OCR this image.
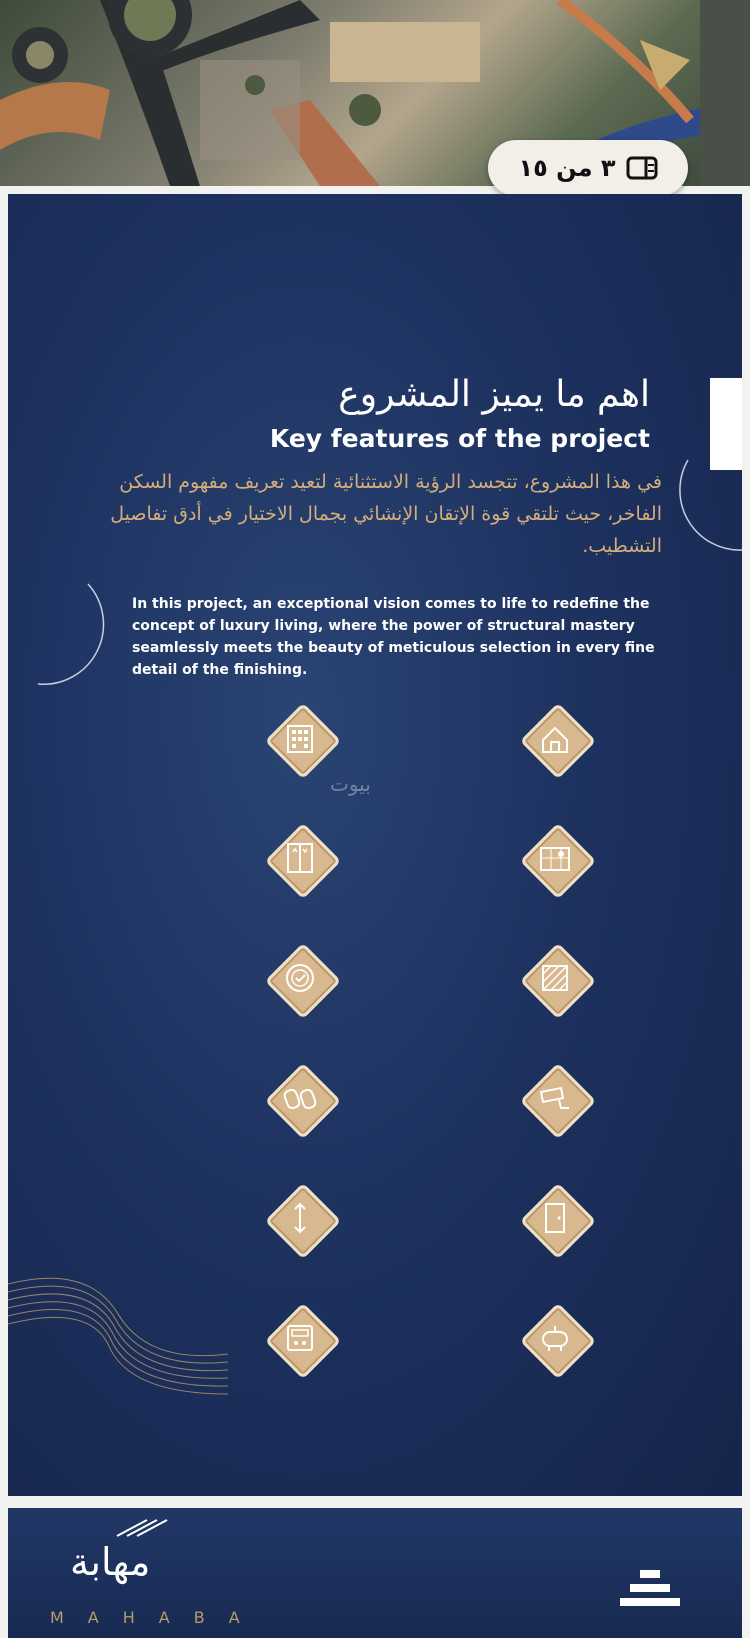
٣ من ١٥
اهم ما يميز المشروع
Key features of the project
في هذا المشروع، تتجسد الرؤية الاستثنائية لتعيد تعريف مفهوم السكن الفاخر، حيث تلتقي قوة الإتقان الإنشائي بجمال الاختيار في أدق تفاصيل التشطيب.
In this project, an exceptional vision comes to life to redefine the concept of luxury living, where the power of structural mastery seamlessly meets the beauty of meticulous selection in every fine detail of the finishing.
بيوت
مهابة
MAHABA
